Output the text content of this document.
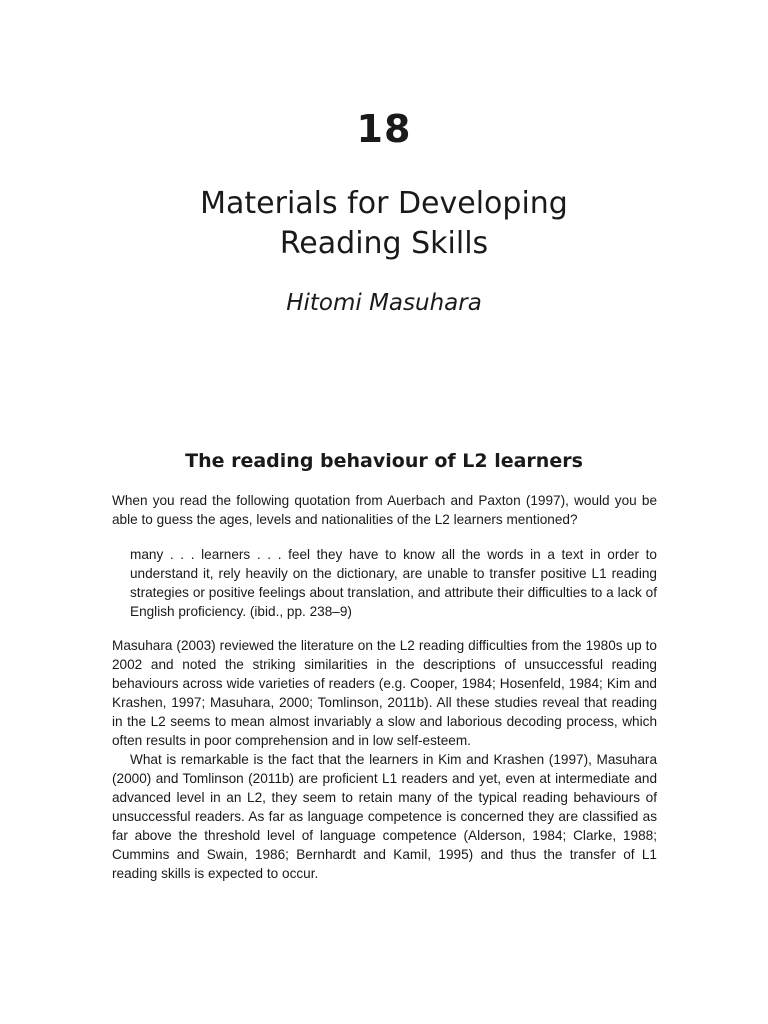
18
Materials for Developing
Reading Skills
Hitomi Masuhara
The reading behaviour of L2 learners

When you read the following quotation from Auerbach and Paxton (1997), would you be able to guess the ages, levels and nationalities of the L2 learners mentioned?

many . . . learners . . . feel they have to know all the words in a text in order to understand it, rely heavily on the dictionary, are unable to transfer positive L1 reading strategies or positive feelings about translation, and attribute their difficulties to a lack of English proficiency. (ibid., pp. 238–9)

Masuhara (2003) reviewed the literature on the L2 reading difficulties from the 1980s up to 2002 and noted the striking similarities in the descriptions of unsuccessful reading behaviours across wide varieties of readers (e.g. Cooper, 1984; Hosenfeld, 1984; Kim and Krashen, 1997; Masuhara, 2000; Tomlinson, 2011b). All these studies reveal that reading in the L2 seems to mean almost invariably a slow and laborious decoding process, which often results in poor comprehension and in low self-esteem.

What is remarkable is the fact that the learners in Kim and Krashen (1997), Masuhara (2000) and Tomlinson (2011b) are proficient L1 readers and yet, even at intermediate and advanced level in an L2, they seem to retain many of the typical reading behaviours of unsuccessful readers. As far as language competence is concerned they are classified as far above the threshold level of language competence (Alderson, 1984; Clarke, 1988; Cummins and Swain, 1986; Bernhardt and Kamil, 1995) and thus the transfer of L1 reading skills is expected to occur.
